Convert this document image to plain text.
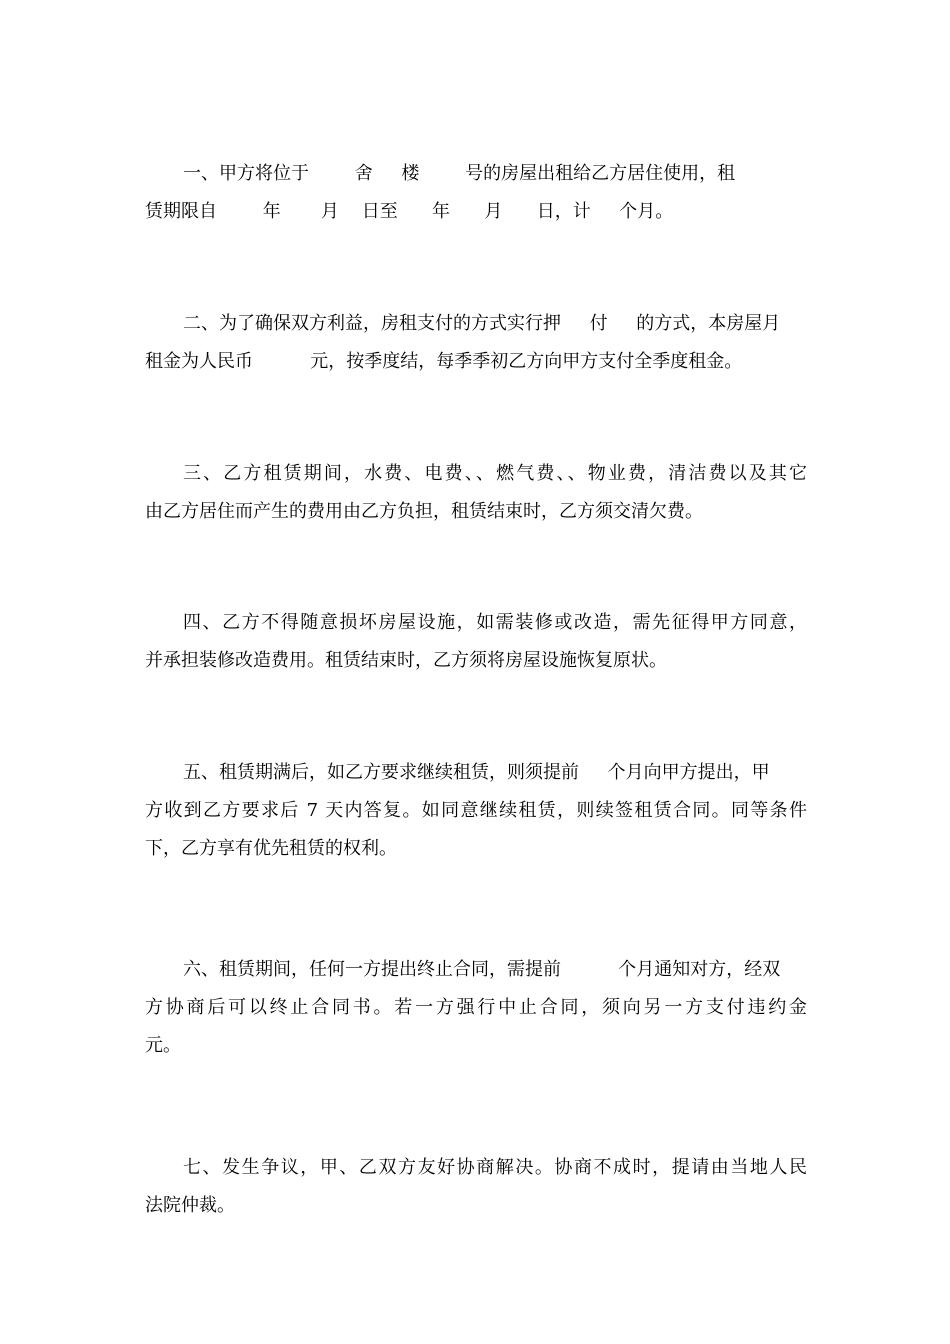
一、甲方将位于        舍     楼        号的房屋出租给乙方居住使用，租
赁期限自        年       月    日至      年      月      日，计     个月。
二、为了确保双方利益，房租支付的方式实行押     付     的方式，本房屋月
租金为人民币          元，按季度结，每季季初乙方向甲方支付全季度租金。
三、乙方租赁期间，水费、电费、、燃气费、、物业费，清洁费以及其它
由乙方居住而产生的费用由乙方负担，租赁结束时，乙方须交清欠费。
四、乙方不得随意损坏房屋设施，如需装修或改造，需先征得甲方同意，
并承担装修改造费用。租赁结束时，乙方须将房屋设施恢复原状。
五、租赁期满后，如乙方要求继续租赁，则须提前     个月向甲方提出，甲
方收到乙方要求后 7 天内答复。如同意继续租赁，则续签租赁合同。同等条件
下，乙方享有优先租赁的权利。
六、租赁期间，任何一方提出终止合同，需提前          个月通知对方，经双
方协商后可以终止合同书。若一方强行中止合同，须向另一方支付违约金
元。
七、发生争议，甲、乙双方友好协商解决。协商不成时，提请由当地人民
法院仲裁。
